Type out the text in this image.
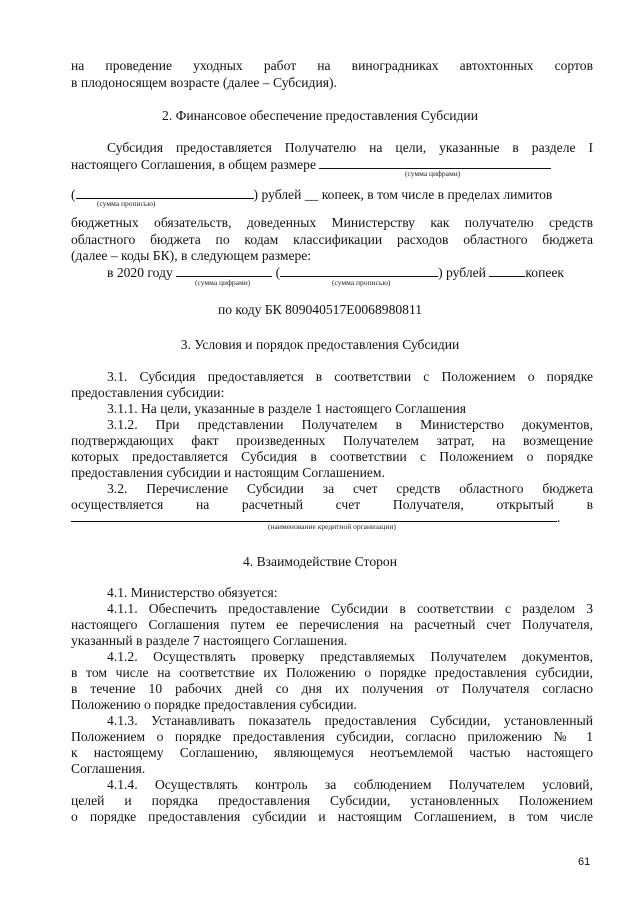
на проведение уходных работ на виноградниках автохтонных сортов
в плодоносящем возрасте (далее – Субсидия).
2. Финансовое обеспечение предоставления Субсидии
Субсидия предоставляется Получателю на цели, указанные в разделе I
настоящего Соглашения, в общем размере
(сумма цифрами)
(	) рублей __ копеек, в том числе в пределах лимитов
(сумма прописью)
бюджетных обязательств, доведенных Министерству как получателю средств
областного бюджета по кодам классификации расходов областного бюджета
(далее – коды БК), в следующем размере:
в 2020 году	(	) рублей	копеек
(сумма цифрами)	(сумма прописью)
по коду БК 809040517Е0068980811
3. Условия и порядок предоставления Субсидии
3.1. Субсидия предоставляется в соответствии с Положением о порядке
предоставления субсидии:
3.1.1. На цели, указанные в разделе 1 настоящего Соглашения
3.1.2. При представлении Получателем в Министерство документов,
подтверждающих факт произведенных Получателем затрат, на возмещение
которых предоставляется Субсидия в соответствии с Положением о порядке
предоставления субсидии и настоящим Соглашением.
3.2. Перечисление Субсидии за счет средств областного бюджета
осуществляется на расчетный счет Получателя, открытый в
.
(наименование кредитной организации)
4. Взаимодействие Сторон
4.1. Министерство обязуется:
4.1.1. Обеспечить предоставление Субсидии в соответствии с разделом 3
настоящего Соглашения путем ее перечисления на расчетный счет Получателя,
указанный в разделе 7 настоящего Соглашения.
4.1.2. Осуществлять проверку представляемых Получателем документов,
в том числе на соответствие их Положению о порядке предоставления субсидии,
в течение 10 рабочих дней со дня их получения от Получателя согласно
Положению о порядке предоставления субсидии.
4.1.3. Устанавливать показатель предоставления Субсидии, установленный
Положением о порядке предоставления субсидии, согласно приложению № 1
к настоящему Соглашению, являющемуся неотъемлемой частью настоящего
Соглашения.
4.1.4. Осуществлять контроль за соблюдением Получателем условий,
целей и порядка предоставления Субсидии, установленных Положением
о порядке предоставления субсидии и настоящим Соглашением, в том числе
61
